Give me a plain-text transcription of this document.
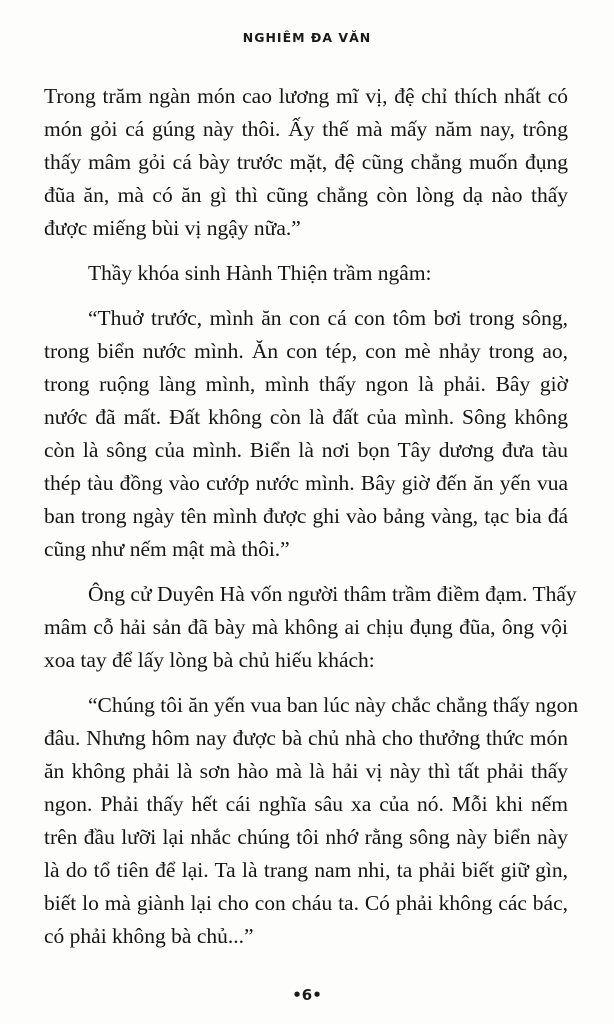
NGHIÊM ĐA VĂN
Trong trăm ngàn món cao lương mĩ vị, đệ chỉ thích nhất có
món gỏi cá gúng này thôi. Ấy thế mà mấy năm nay, trông
thấy mâm gỏi cá bày trước mặt, đệ cũng chẳng muốn đụng
đũa ăn, mà có ăn gì thì cũng chẳng còn lòng dạ nào thấy
được miếng bùi vị ngậy nữa.”
Thầy khóa sinh Hành Thiện trầm ngâm:
“Thuở trước, mình ăn con cá con tôm bơi trong sông,
trong biển nước mình. Ăn con tép, con mè nhảy trong ao,
trong ruộng làng mình, mình thấy ngon là phải. Bây giờ
nước đã mất. Đất không còn là đất của mình. Sông không
còn là sông của mình. Biển là nơi bọn Tây dương đưa tàu
thép tàu đồng vào cướp nước mình. Bây giờ đến ăn yến vua
ban trong ngày tên mình được ghi vào bảng vàng, tạc bia đá
cũng như nếm mật mà thôi.”
Ông cử Duyên Hà vốn người thâm trầm điềm đạm. Thấy
mâm cỗ hải sản đã bày mà không ai chịu đụng đũa, ông vội
xoa tay để lấy lòng bà chủ hiếu khách:
“Chúng tôi ăn yến vua ban lúc này chắc chẳng thấy ngon
đâu. Nhưng hôm nay được bà chủ nhà cho thưởng thức món
ăn không phải là sơn hào mà là hải vị này thì tất phải thấy
ngon. Phải thấy hết cái nghĩa sâu xa của nó. Mỗi khi nếm
trên đầu lưỡi lại nhắc chúng tôi nhớ rằng sông này biển này
là do tổ tiên để lại. Ta là trang nam nhi, ta phải biết giữ gìn,
biết lo mà giành lại cho con cháu ta. Có phải không các bác,
có phải không bà chủ...”
•6•
